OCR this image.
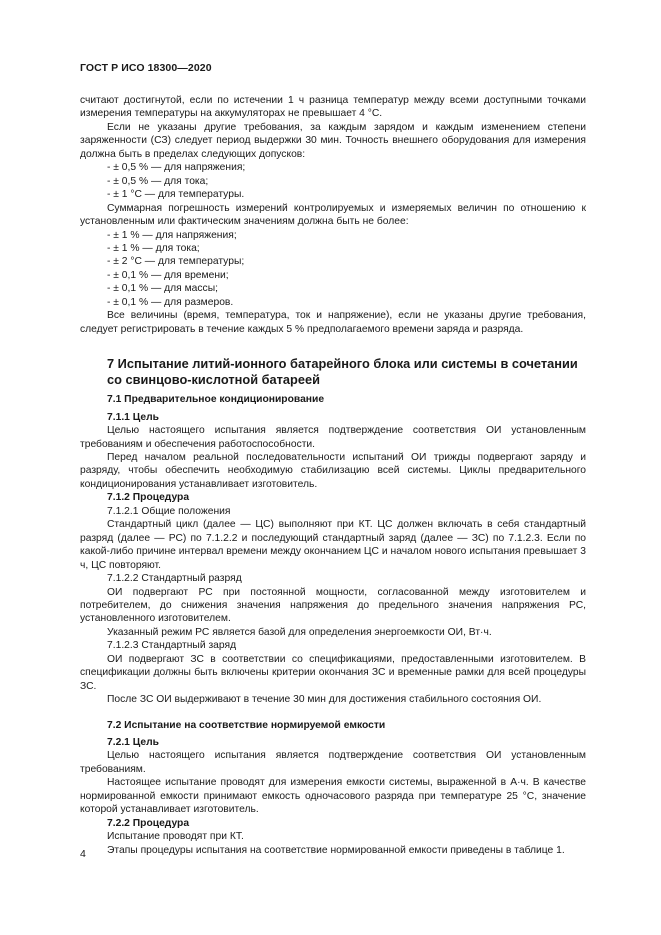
ГОСТ Р ИСО 18300—2020

считают достигнутой, если по истечении 1 ч разница температур между всеми доступными точками измерения температуры на аккумуляторах не превышает 4 °С.

Если не указаны другие требования, за каждым зарядом и каждым изменением степени заряженности (СЗ) следует период выдержки 30 мин. Точность внешнего оборудования для измерения должна быть в пределах следующих допусков:

- ± 0,5 % — для напряжения;

- ± 0,5 % — для тока;

- ± 1 °С — для температуры.

Суммарная погрешность измерений контролируемых и измеряемых величин по отношению к установленным или фактическим значениям должна быть не более:

- ± 1 % — для напряжения;

- ± 1 % — для тока;

- ± 2 °С — для температуры;

- ± 0,1 % — для времени;

- ± 0,1 % — для массы;

- ± 0,1 % — для размеров.

Все величины (время, температура, ток и напряжение), если не указаны другие требования, следует регистрировать в течение каждых 5 % предполагаемого времени заряда и разряда.

7 Испытание литий-ионного батарейного блока или системы в сочетании со свинцово-кислотной батареей
7.1 Предварительное кондиционирование
7.1.1 Цель

Целью настоящего испытания является подтверждение соответствия ОИ установленным требованиям и обеспечения работоспособности.

Перед началом реальной последовательности испытаний ОИ трижды подвергают заряду и разряду, чтобы обеспечить необходимую стабилизацию всей системы. Циклы предварительного кондиционирования устанавливает изготовитель.

7.1.2 Процедура
7.1.2.1 Общие положения

Стандартный цикл (далее — ЦС) выполняют при КТ. ЦС должен включать в себя стандартный разряд (далее — РС) по 7.1.2.2 и последующий стандартный заряд (далее — ЗС) по 7.1.2.3. Если по какой-либо причине интервал времени между окончанием ЦС и началом нового испытания превышает 3 ч, ЦС повторяют.

7.1.2.2 Стандартный разряд

ОИ подвергают РС при постоянной мощности, согласованной между изготовителем и потребителем, до снижения значения напряжения до предельного значения напряжения РС, установленного изготовителем.

Указанный режим РС является базой для определения энергоемкости ОИ, Вт·ч.

7.1.2.3 Стандартный заряд

ОИ подвергают ЗС в соответствии со спецификациями, предоставленными изготовителем. В спецификации должны быть включены критерии окончания ЗС и временные рамки для всей процедуры ЗС.

После ЗС ОИ выдерживают в течение 30 мин для достижения стабильного состояния ОИ.

7.2 Испытание на соответствие нормируемой емкости
7.2.1 Цель

Целью настоящего испытания является подтверждение соответствия ОИ установленным требованиям.

Настоящее испытание проводят для измерения емкости системы, выраженной в А·ч. В качестве нормированной емкости принимают емкость одночасового разряда при температуре 25 °С, значение которой устанавливает изготовитель.

7.2.2 Процедура

Испытание проводят при КТ.

Этапы процедуры испытания на соответствие нормированной емкости приведены в таблице 1.

4
